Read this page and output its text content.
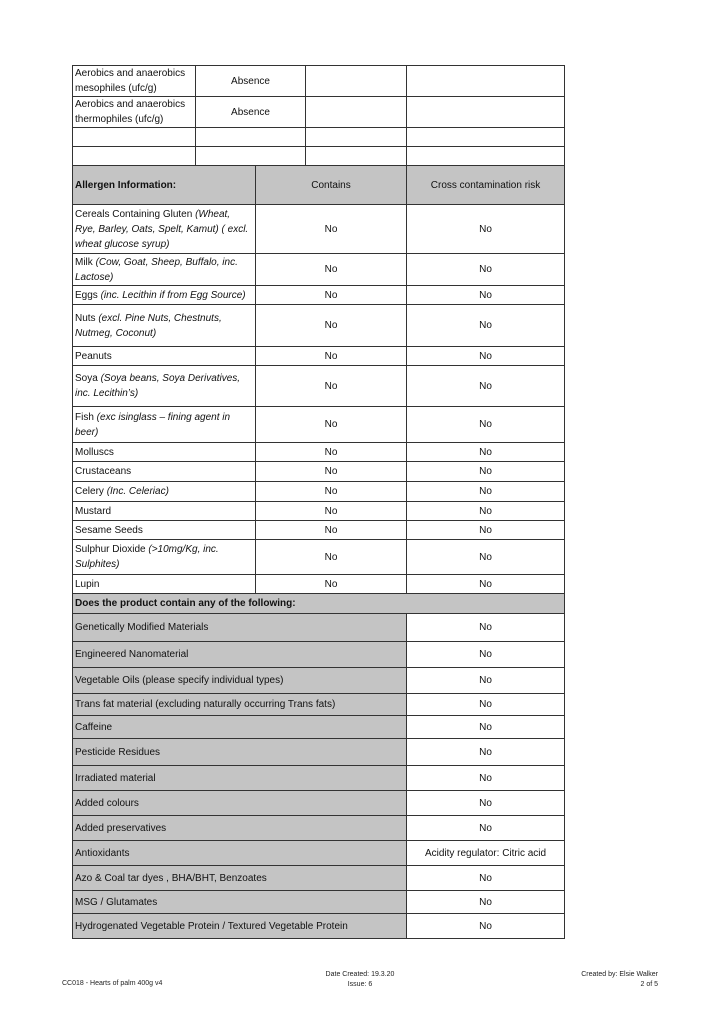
Aerobics and anaerobics mesophiles (ufc/g)	Absence			
Aerobics and anaerobics thermophiles (ufc/g)	Absence			

Allergen Information:		Contains		Cross contamination risk
Cereals Containing Gluten (Wheat, Rye, Barley, Oats, Spelt, Kamut) ( excl. wheat glucose syrup)		No		No
Milk (Cow, Goat, Sheep, Buffalo, inc. Lactose)		No		No
Eggs (inc. Lecithin if from Egg Source)		No		No
Nuts (excl. Pine Nuts, Chestnuts, Nutmeg, Coconut)		No		No
Peanuts		No		No
Soya (Soya beans, Soya Derivatives, inc. Lecithin’s)		No		No
Fish (exc isinglass – fining agent in beer)		No		No
Molluscs		No		No
Crustaceans		No		No
Celery (Inc. Celeriac)		No		No
Mustard		No		No
Sesame Seeds		No		No
Sulphur Dioxide (>10mg/Kg, inc. Sulphites)		No		No
Lupin		No		No
Does the product contain any of the following:				
Genetically Modified Materials				No
Engineered Nanomaterial				No
Vegetable Oils (please specify individual types)				No
Trans fat material (excluding naturally occurring Trans fats)				No
Caffeine				No
Pesticide Residues				No
Irradiated material				No
Added colours				No
Added preservatives				No
Antioxidants				Acidity regulator: Citric acid
Azo & Coal tar dyes , BHA/BHT, Benzoates				No
MSG / Glutamates				No
Hydrogenated Vegetable Protein / Textured Vegetable Protein				No
CC018 - Hearts of palm 400g v4
Date Created: 19.3.20
Issue: 6
Created by: Elsie Walker
2 of 5
